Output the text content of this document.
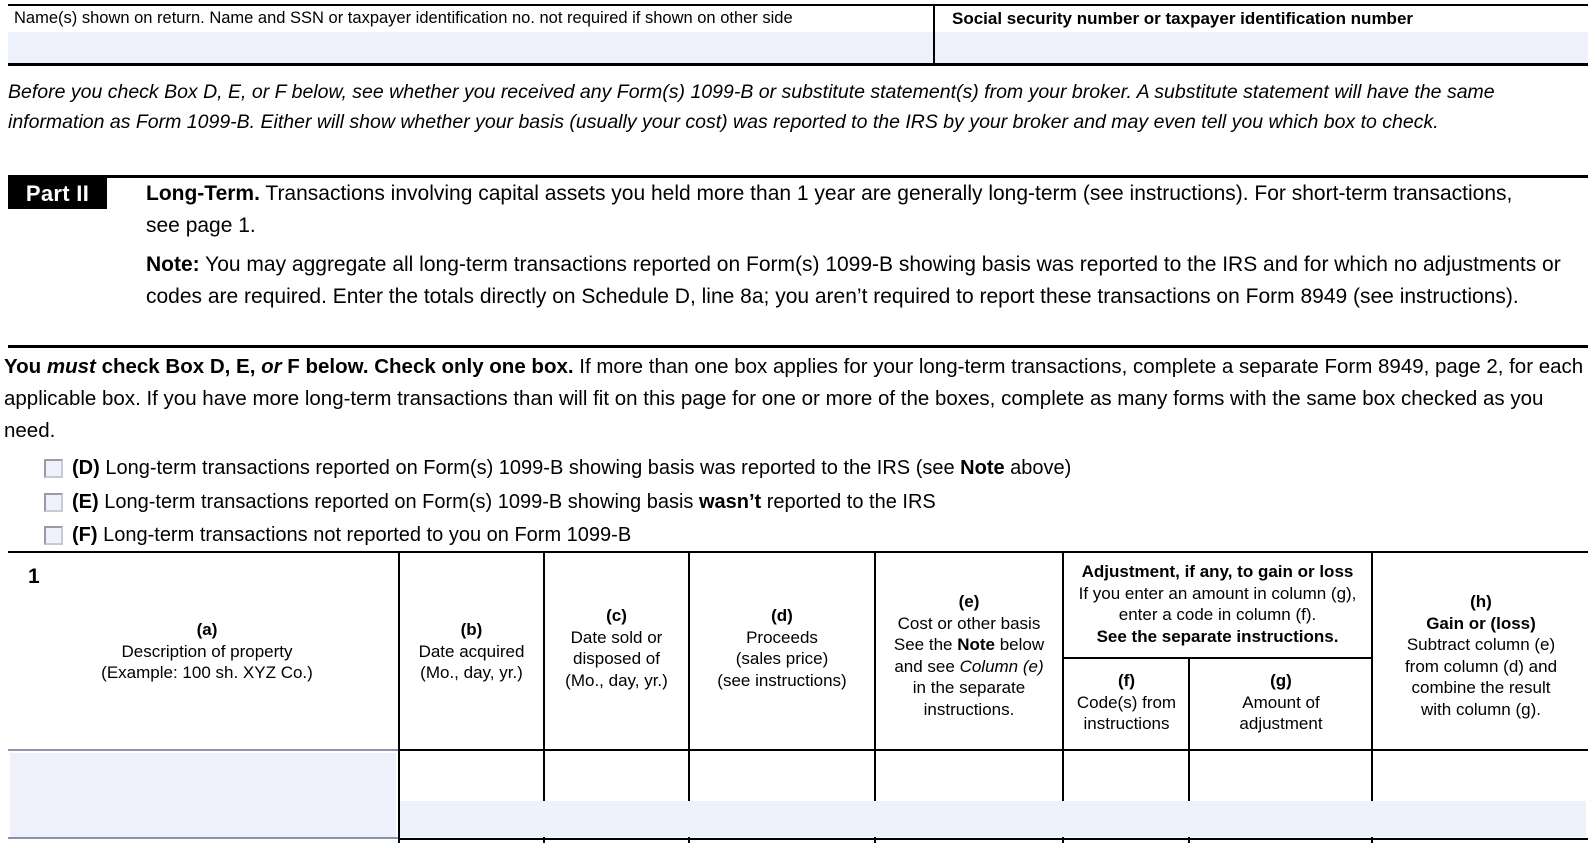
Name(s) shown on return. Name and SSN or taxpayer identification no. not required if shown on other side	Social security number or taxpayer identification number
Before you check Box D, E, or F below, see whether you received any Form(s) 1099-B or substitute statement(s) from your broker. A substitute statement will have the same information as Form 1099-B. Either will show whether your basis (usually your cost) was reported to the IRS by your broker and may even tell you which box to check.
Part II	Long-Term. Transactions involving capital assets you held more than 1 year are generally long-term (see instructions). For short-term transactions, see page 1.
Note: You may aggregate all long-term transactions reported on Form(s) 1099-B showing basis was reported to the IRS and for which no adjustments or codes are required. Enter the totals directly on Schedule D, line 8a; you aren’t required to report these transactions on Form 8949 (see instructions).
You must check Box D, E, or F below. Check only one box. If more than one box applies for your long-term transactions, complete a separate Form 8949, page 2, for each applicable box. If you have more long-term transactions than will fit on this page for one or more of the boxes, complete as many forms with the same box checked as you need.
(D) Long-term transactions reported on Form(s) 1099-B showing basis was reported to the IRS (see Note above)
(E) Long-term transactions reported on Form(s) 1099-B showing basis wasn’t reported to the IRS
(F) Long-term transactions not reported to you on Form 1099-B
1
(a)
Description of property
(Example: 100 sh. XYZ Co.)
(b)
Date acquired
(Mo., day, yr.)
(c)
Date sold or
disposed of
(Mo., day, yr.)
(d)
Proceeds
(sales price)
(see instructions)
(e)
Cost or other basis
See the Note below
and see Column (e)
in the separate
instructions.
Adjustment, if any, to gain or loss
If you enter an amount in column (g),
enter a code in column (f).
See the separate instructions.
(f)
Code(s) from
instructions
(g)
Amount of
adjustment
(h)
Gain or (loss)
Subtract column (e)
from column (d) and
combine the result
with column (g).
